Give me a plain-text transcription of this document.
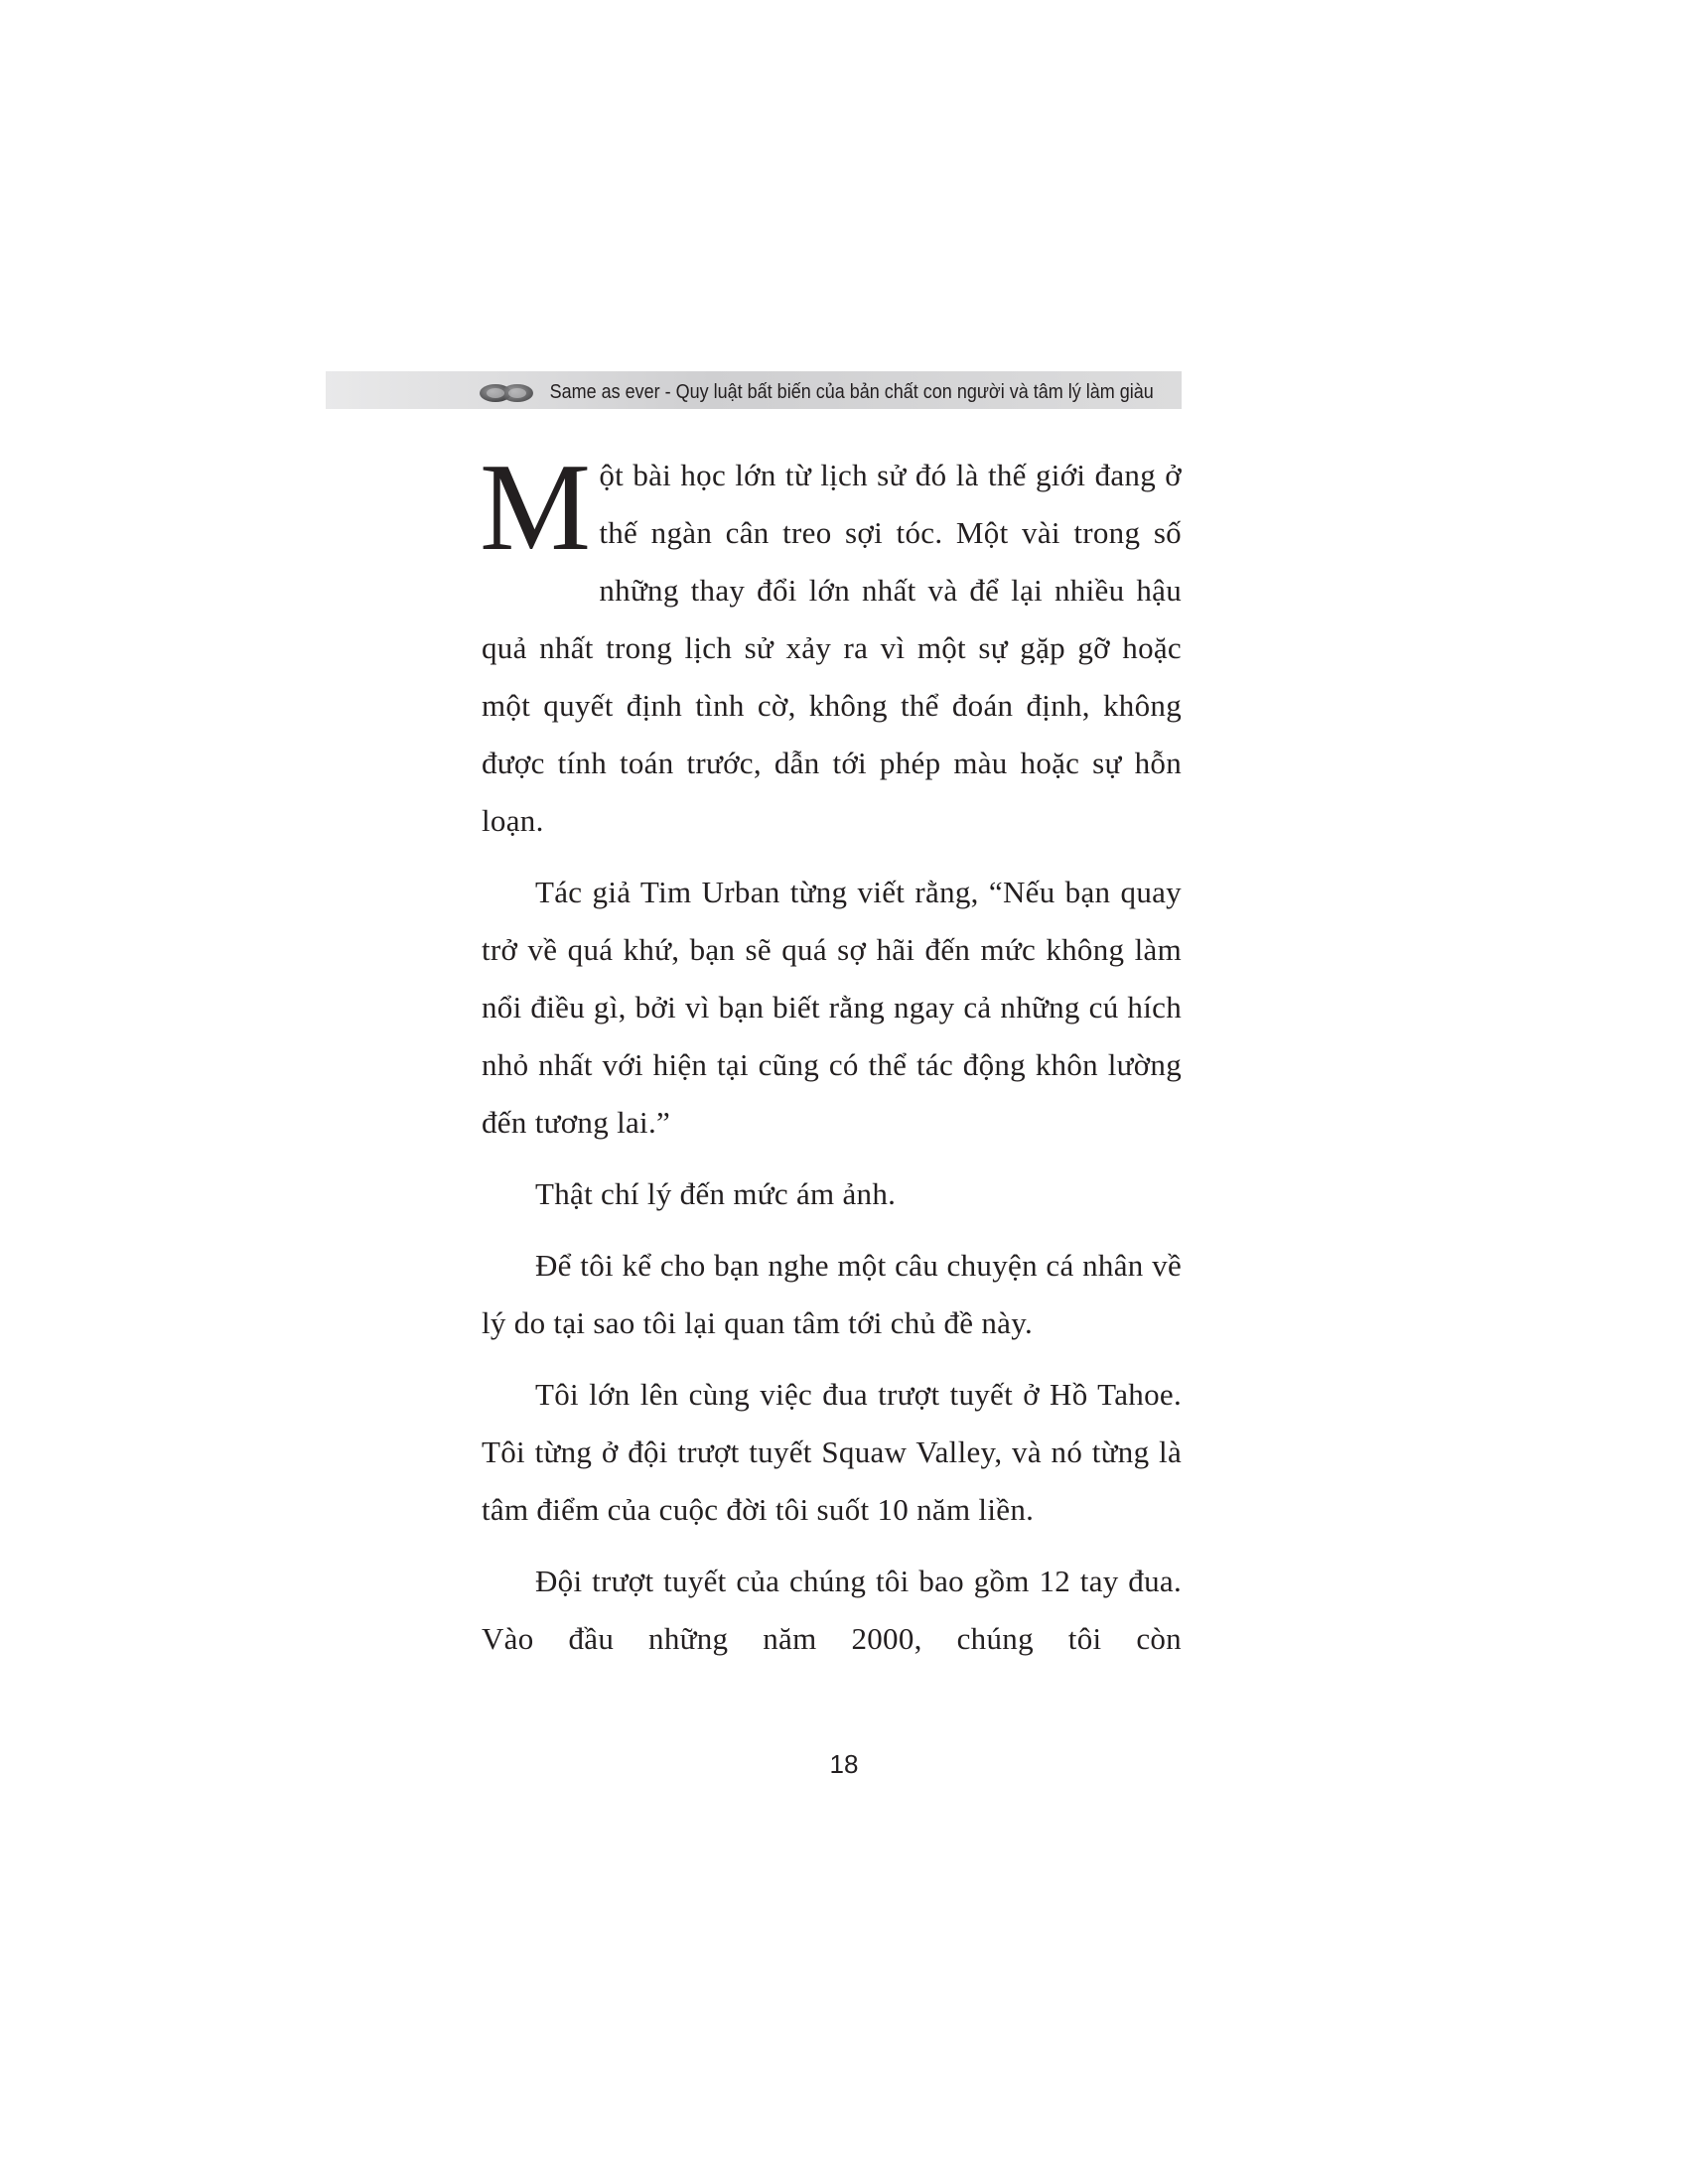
Same as ever - Quy luật bất biến của bản chất con người và tâm lý làm giàu

Một bài học lớn từ lịch sử đó là thế giới đang ở thế ngàn cân treo sợi tóc. Một vài trong số những thay đổi lớn nhất và để lại nhiều hậu quả nhất trong lịch sử xảy ra vì một sự gặp gỡ hoặc một quyết định tình cờ, không thể đoán định, không được tính toán trước, dẫn tới phép màu hoặc sự hỗn loạn.

Tác giả Tim Urban từng viết rằng, “Nếu bạn quay trở về quá khứ, bạn sẽ quá sợ hãi đến mức không làm nổi điều gì, bởi vì bạn biết rằng ngay cả những cú hích nhỏ nhất với hiện tại cũng có thể tác động khôn lường đến tương lai.”

Thật chí lý đến mức ám ảnh.

Để tôi kể cho bạn nghe một câu chuyện cá nhân về lý do tại sao tôi lại quan tâm tới chủ đề này.

Tôi lớn lên cùng việc đua trượt tuyết ở Hồ Tahoe. Tôi từng ở đội trượt tuyết Squaw Valley, và nó từng là tâm điểm của cuộc đời tôi suốt 10 năm liền.

Đội trượt tuyết của chúng tôi bao gồm 12 tay đua. Vào đầu những năm 2000, chúng tôi còn

18
